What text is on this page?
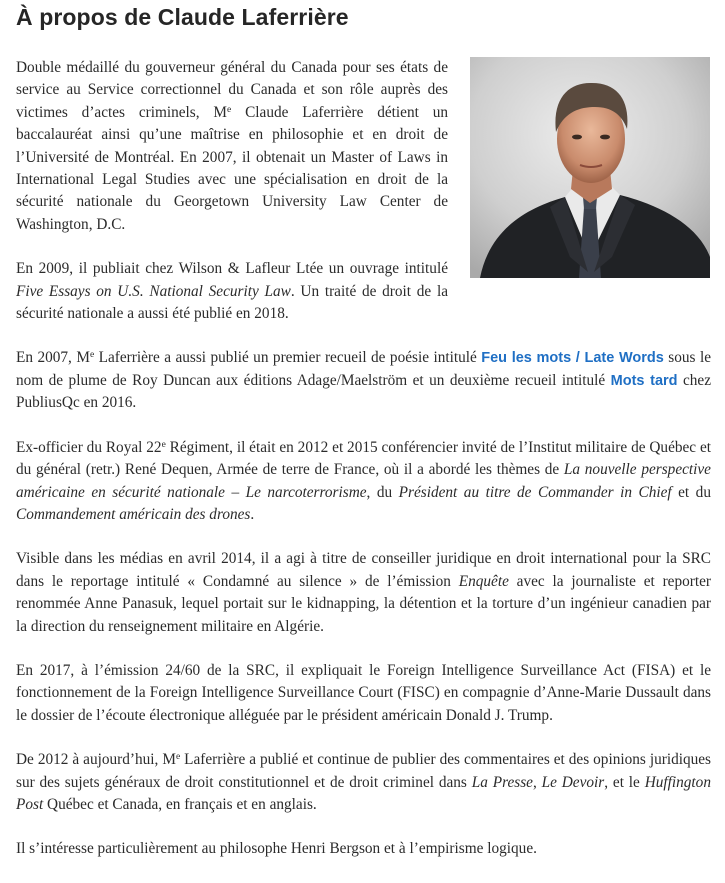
À propos de Claude Laferrière

Double médaillé du gouverneur général du Canada pour ses états de service au Service correctionnel du Canada et son rôle auprès des victimes d’actes criminels, Me Claude Laferrière détient un baccalauréat ainsi qu’une maîtrise en philosophie et en droit de l’Université de Montréal. En 2007, il obtenait un Master of Laws in International Legal Studies avec une spécialisation en droit de la sécurité nationale du Georgetown University Law Center de Washington, D.C.

En 2009, il publiait chez Wilson & Lafleur Ltée un ouvrage intitulé Five Essays on U.S. National Security Law. Un traité de droit de la sécurité nationale a aussi été publié en 2018.

En 2007, Me Laferrière a aussi publié un premier recueil de poésie intitulé Feu les mots / Late Words sous le nom de plume de Roy Duncan aux éditions Adage/Maelström et un deuxième recueil intitulé Mots tard chez PubliusQc en 2016.

Ex-officier du Royal 22e Régiment, il était en 2012 et 2015 conférencier invité de l’Institut militaire de Québec et du général (retr.) René Dequen, Armée de terre de France, où il a abordé les thèmes de La nouvelle perspective américaine en sécurité nationale – Le narcoterrorisme, du Président au titre de Commander in Chief et du Commandement américain des drones.

Visible dans les médias en avril 2014, il a agi à titre de conseiller juridique en droit international pour la SRC dans le reportage intitulé « Condamné au silence » de l’émission Enquête avec la journaliste et reporter renommée Anne Panasuk, lequel portait sur le kidnapping, la détention et la torture d’un ingénieur canadien par la direction du renseignement militaire en Algérie.

En 2017, à l’émission 24/60 de la SRC, il expliquait le Foreign Intelligence Surveillance Act (FISA) et le fonctionnement de la Foreign Intelligence Surveillance Court (FISC) en compagnie d’Anne-Marie Dussault dans le dossier de l’écoute électronique alléguée par le président américain Donald J. Trump.

De 2012 à aujourd’hui, Me Laferrière a publié et continue de publier des commentaires et des opinions juridiques sur des sujets généraux de droit constitutionnel et de droit criminel dans La Presse, Le Devoir, et le Huffington Post Québec et Canada, en français et en anglais.

Il s’intéresse particulièrement au philosophe Henri Bergson et à l’empirisme logique.
